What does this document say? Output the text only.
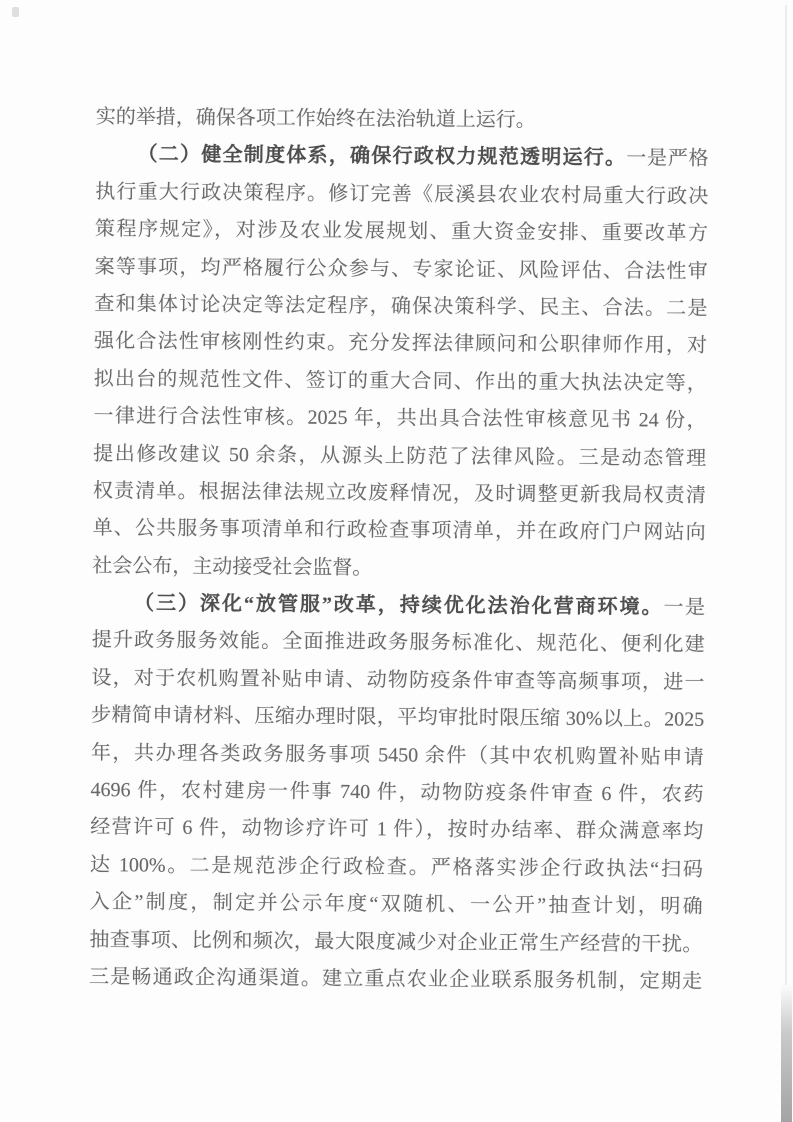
实的举措，确保各项工作始终在法治轨道上运行。
（二）健全制度体系，确保行政权力规范透明运行。一是严格
执行重大行政决策程序。修订完善《辰溪县农业农村局重大行政决
策程序规定》，对涉及农业发展规划、重大资金安排、重要改革方
案等事项，均严格履行公众参与、专家论证、风险评估、合法性审
查和集体讨论决定等法定程序，确保决策科学、民主、合法。二是
强化合法性审核刚性约束。充分发挥法律顾问和公职律师作用，对
拟出台的规范性文件、签订的重大合同、作出的重大执法决定等，
一律进行合法性审核。2025 年，共出具合法性审核意见书 24 份，
提出修改建议 50 余条，从源头上防范了法律风险。三是动态管理
权责清单。根据法律法规立改废释情况，及时调整更新我局权责清
单、公共服务事项清单和行政检查事项清单，并在政府门户网站向
社会公布，主动接受社会监督。
（三）深化“放管服”改革，持续优化法治化营商环境。一是
提升政务服务效能。全面推进政务服务标准化、规范化、便利化建
设，对于农机购置补贴申请、动物防疫条件审查等高频事项，进一
步精简申请材料、压缩办理时限，平均审批时限压缩 30%以上。2025
年，共办理各类政务服务事项 5450 余件（其中农机购置补贴申请
4696 件，农村建房一件事 740 件，动物防疫条件审查 6 件，农药
经营许可 6 件，动物诊疗许可 1 件），按时办结率、群众满意率均
达 100%。二是规范涉企行政检查。严格落实涉企行政执法“扫码
入企”制度，制定并公示年度“双随机、一公开”抽查计划，明确
抽查事项、比例和频次，最大限度减少对企业正常生产经营的干扰。
三是畅通政企沟通渠道。建立重点农业企业联系服务机制，定期走
